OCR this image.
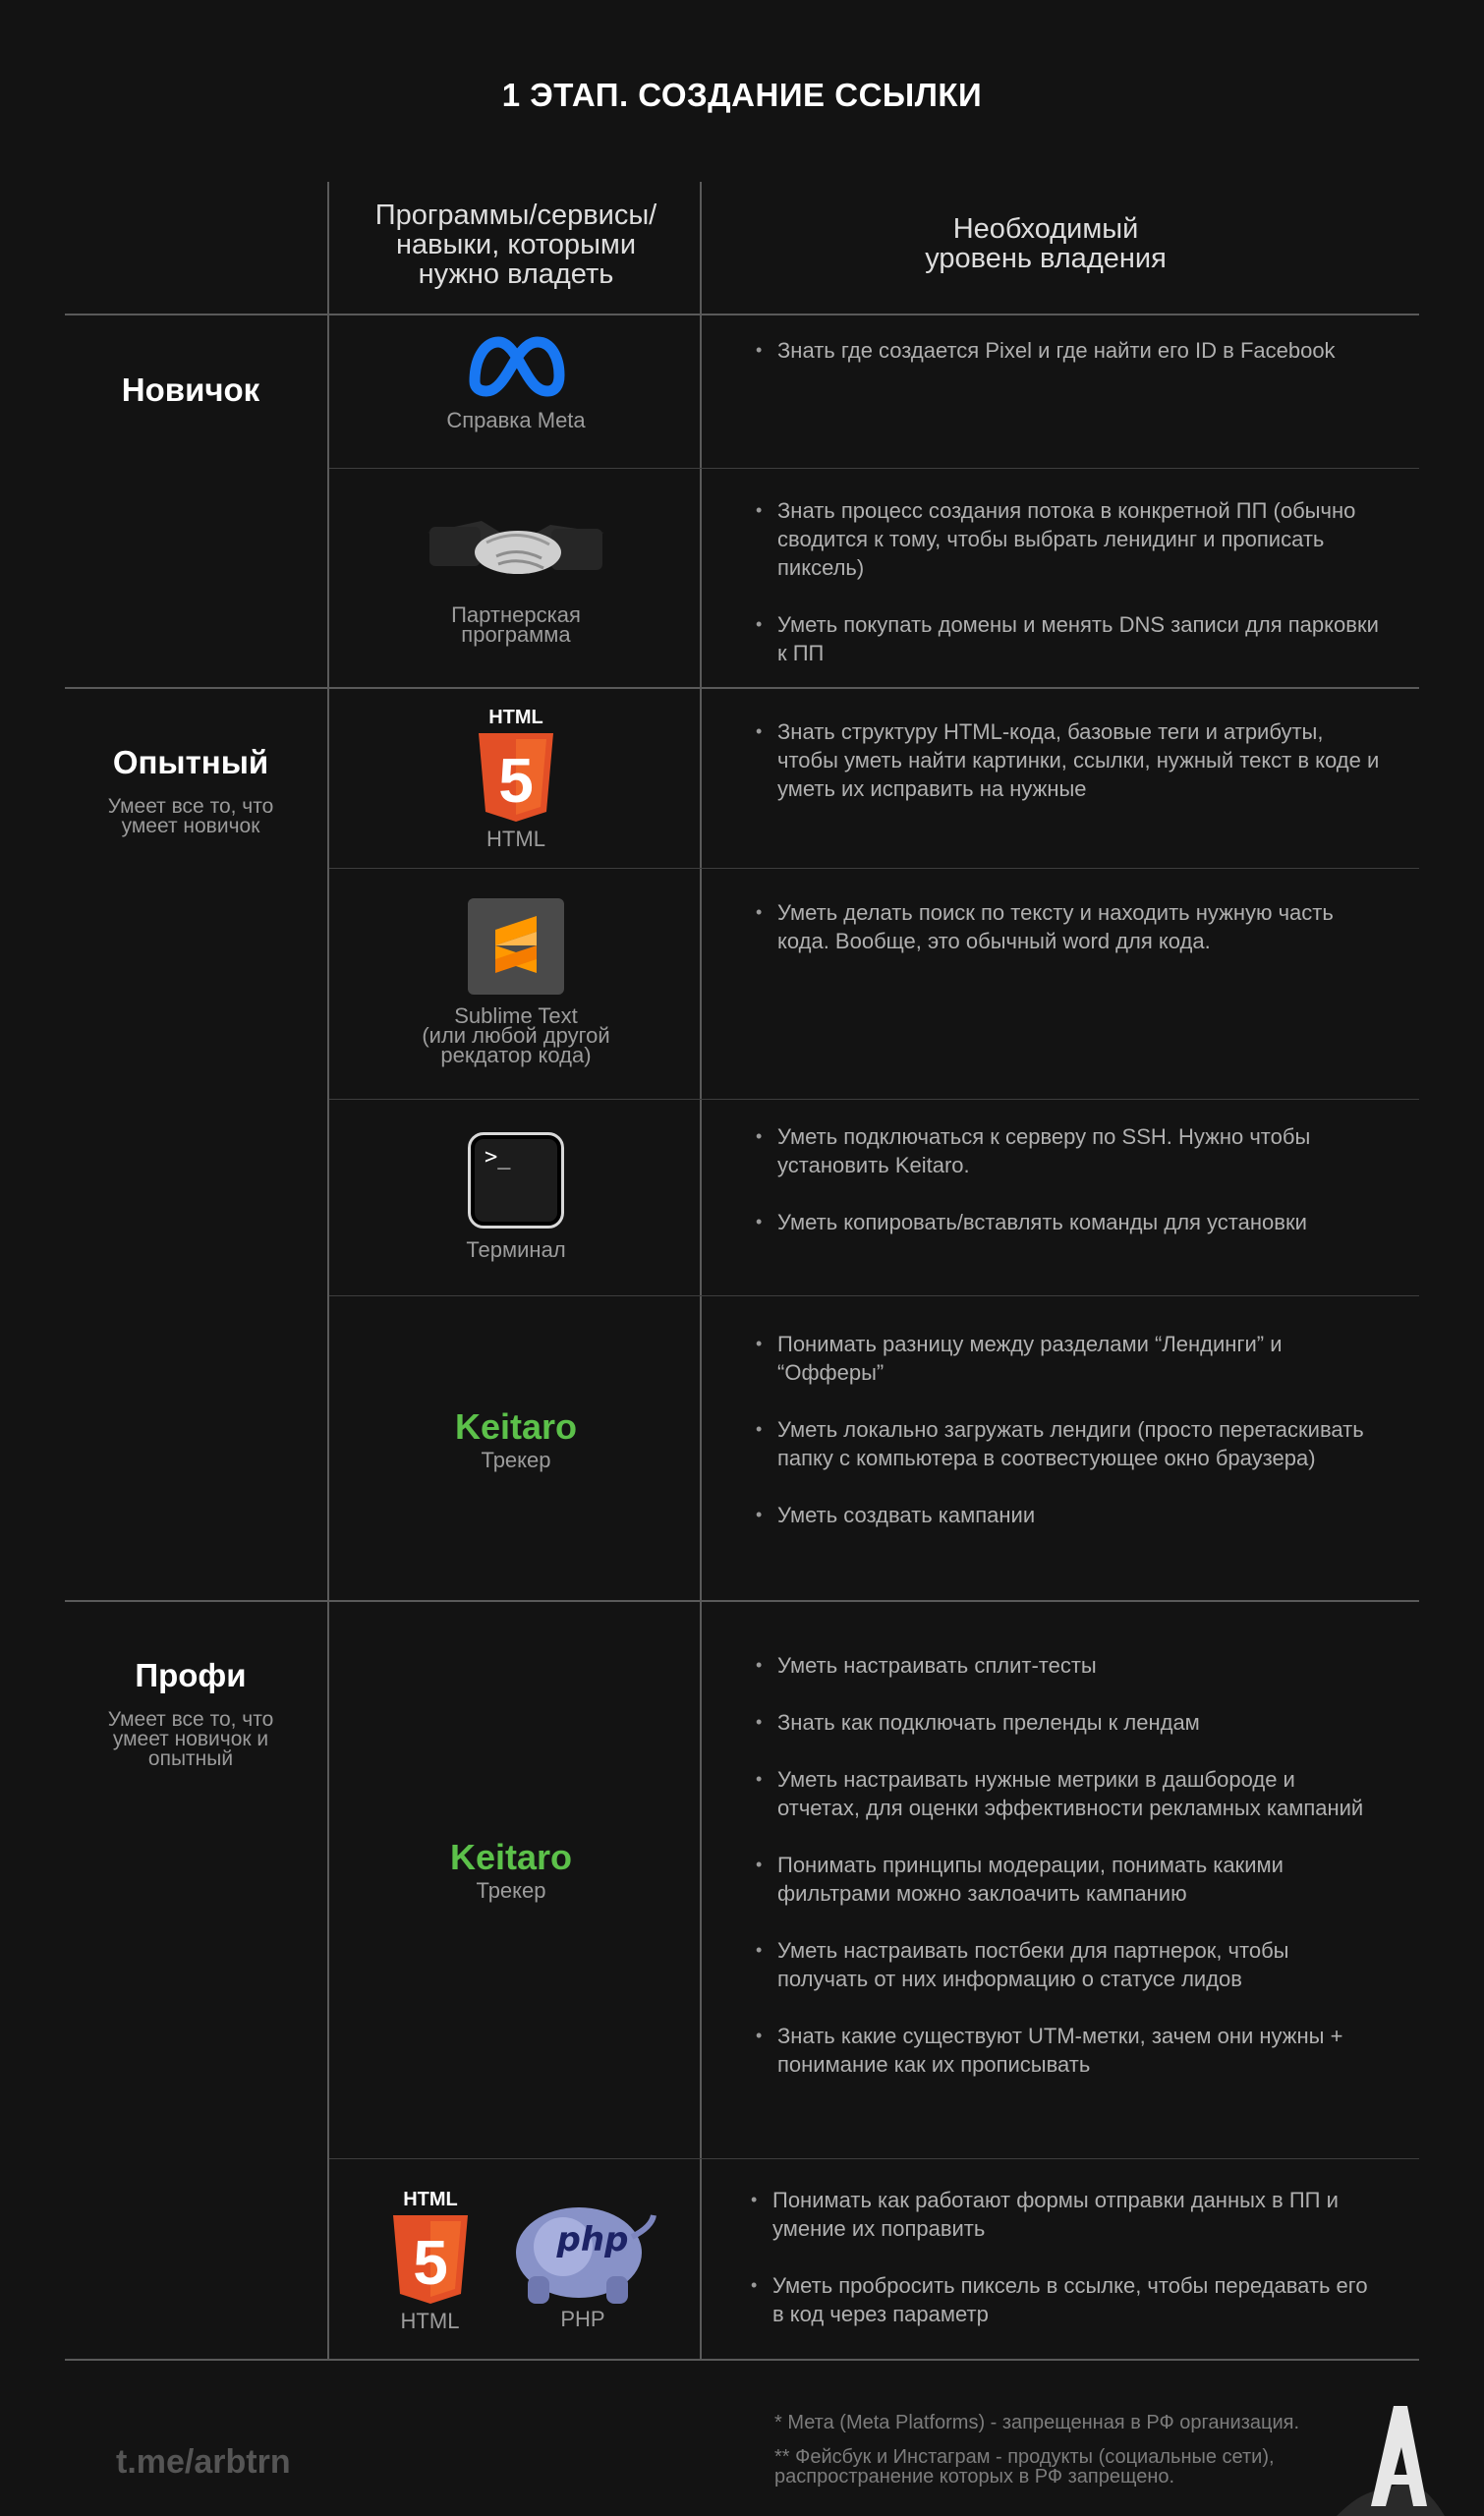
1 ЭТАП. СОЗДАНИЕ ССЫЛКИ
Программы/сервисы/
навыки, которыми
нужно владеть
Необходимый
уровень владения
Новичок
Опытный
Умеет все то, что
умеет новичок
Профи
Умеет все то, что
умеет новичок и
опытный
Справка Meta
Партнерская
программа
HTML
5
HTML
Sublime Text
(или любой другой
рекдатор кода)
>_
Терминал
Keitaro
Трекер
Keitaro
Трекер
HTML
5
HTML
php
PHP
• Знать где создается Pixel и где найти его ID в Facebook
• Знать процесс создания потока в конкретной ПП (обычно сводится к тому, чтобы выбрать ленидинг и прописать пиксель)
• Уметь покупать домены и менять DNS записи для парковки к ПП
• Знать структуру HTML-кода, базовые теги и атрибуты, чтобы уметь найти картинки, ссылки, нужный текст в коде и уметь их исправить на нужные
• Уметь делать поиск по тексту и находить нужную часть кода. Вообще, это обычный word для кода.
• Уметь подключаться к серверу по SSH. Нужно чтобы установить Keitaro.
• Уметь копировать/вставлять команды для установки
• Понимать разницу между разделами “Лендинги” и “Офферы”
• Уметь локально загружать лендиги (просто перетаскивать папку с компьютера в соотвестующее окно браузера)
• Уметь создвать кампании
• Уметь настраивать сплит-тесты
• Знать как подключать преленды к лендам
• Уметь настраивать нужные метрики в дашбороде и отчетах, для оценки эффективности рекламных кампаний
• Понимать принципы модерации, понимать какими фильтрами можно заклоачить кампанию
• Уметь настраивать постбеки для партнерок, чтобы получать от них информацию о статусе лидов
• Знать какие существуют UTM-метки, зачем они нужны + понимание как их прописывать
• Понимать как работают формы отправки данных в ПП и умение их поправить
• Уметь пробросить пиксель в ссылке, чтобы передавать его в код через параметр
t.me/arbtrn
* Мета (Meta Platforms) - запрещенная в РФ организация.
** Фейсбук и Инстаграм - продукты (социальные сети),
распространение которых в РФ запрещено.
